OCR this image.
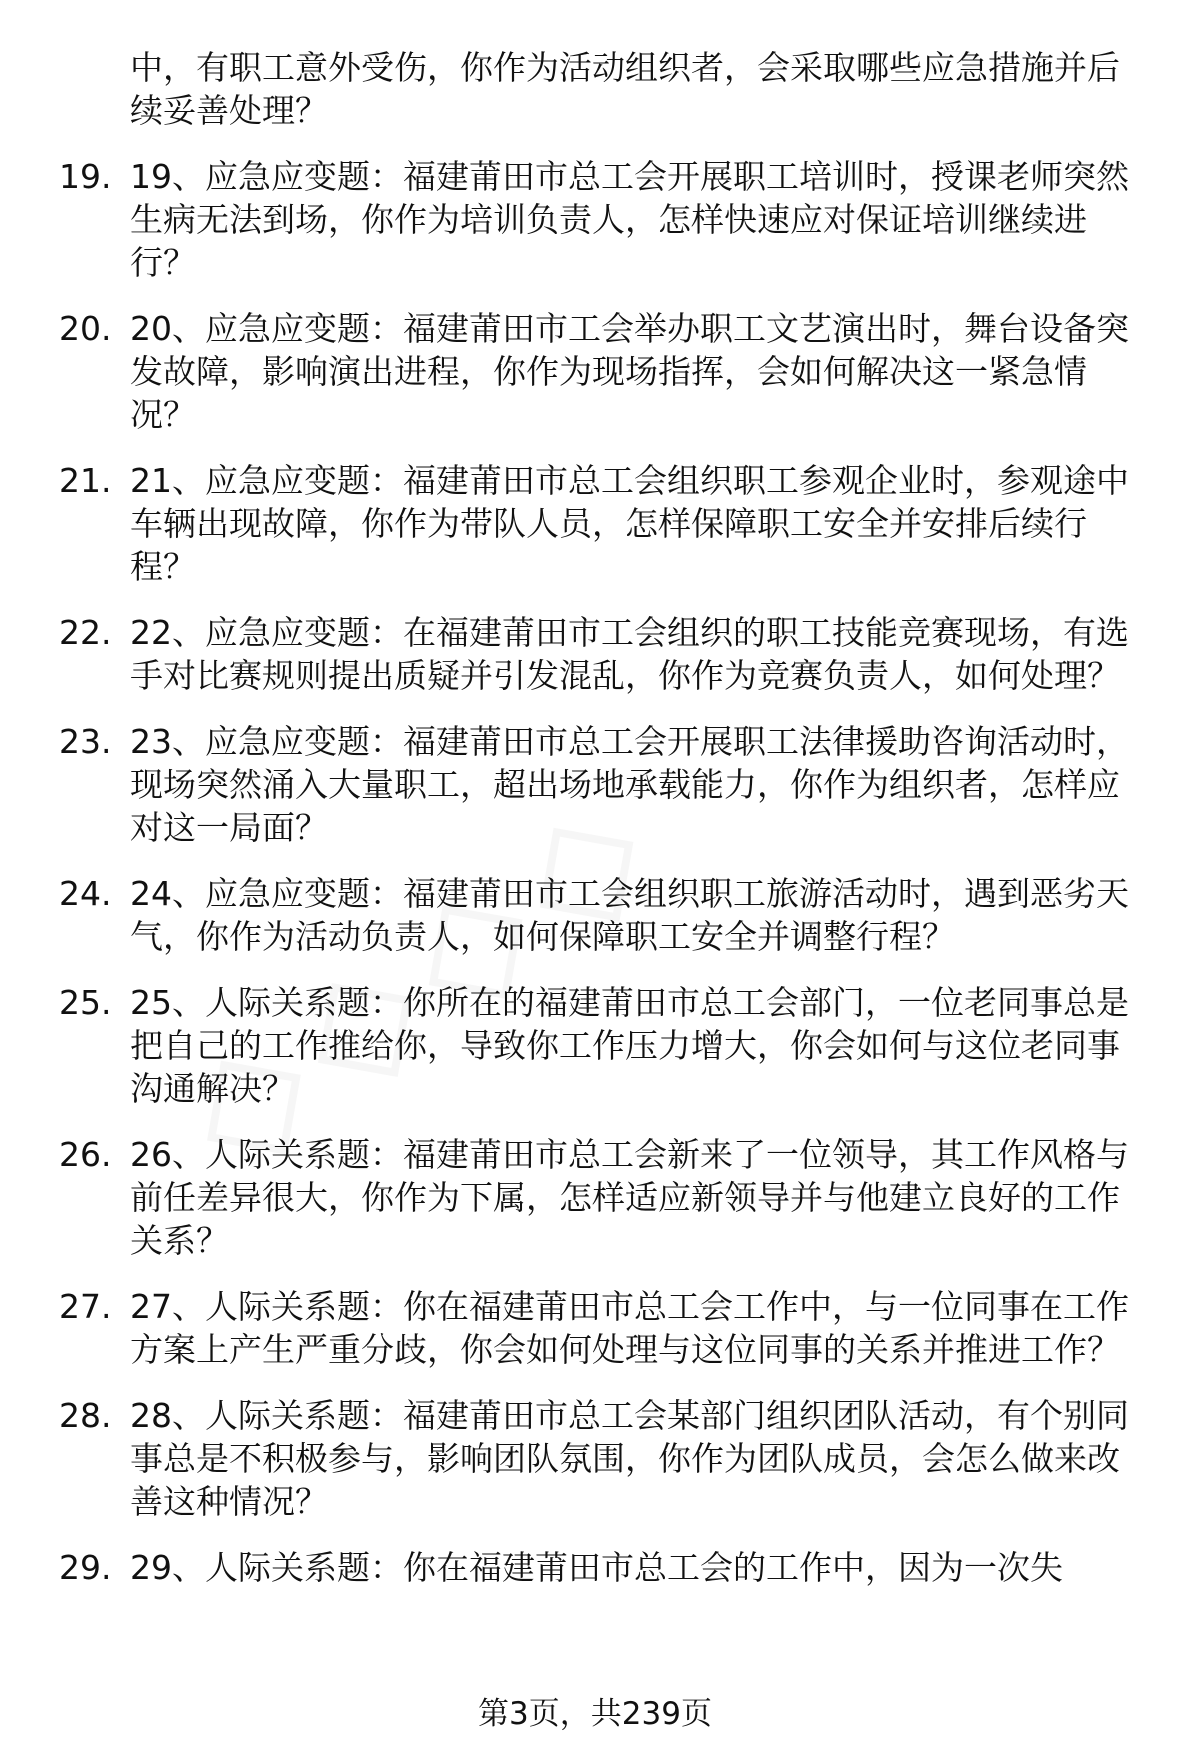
中，有职工意外受伤，你作为活动组织者，会采取哪些应急措施并后续妥善处理？
19. 19、应急应变题：福建莆田市总工会开展职工培训时，授课老师突然生病无法到场，你作为培训负责人，怎样快速应对保证培训继续进行？
20. 20、应急应变题：福建莆田市工会举办职工文艺演出时，舞台设备突发故障，影响演出进程，你作为现场指挥，会如何解决这一紧急情况？
21. 21、应急应变题：福建莆田市总工会组织职工参观企业时，参观途中车辆出现故障，你作为带队人员，怎样保障职工安全并安排后续行程？
22. 22、应急应变题：在福建莆田市工会组织的职工技能竞赛现场，有选手对比赛规则提出质疑并引发混乱，你作为竞赛负责人，如何处理？
23. 23、应急应变题：福建莆田市总工会开展职工法律援助咨询活动时，现场突然涌入大量职工，超出场地承载能力，你作为组织者，怎样应对这一局面？
24. 24、应急应变题：福建莆田市工会组织职工旅游活动时，遇到恶劣天气，你作为活动负责人，如何保障职工安全并调整行程？
25. 25、人际关系题：你所在的福建莆田市总工会部门，一位老同事总是把自己的工作推给你，导致你工作压力增大，你会如何与这位老同事沟通解决？
26. 26、人际关系题：福建莆田市总工会新来了一位领导，其工作风格与前任差异很大，你作为下属，怎样适应新领导并与他建立良好的工作关系？
27. 27、人际关系题：你在福建莆田市总工会工作中，与一位同事在工作方案上产生严重分歧，你会如何处理与这位同事的关系并推进工作？
28. 28、人际关系题：福建莆田市总工会某部门组织团队活动，有个别同事总是不积极参与，影响团队氛围，你作为团队成员，会怎么做来改善这种情况？
29. 29、人际关系题：你在福建莆田市总工会的工作中，因为一次失
第3页，共239页
